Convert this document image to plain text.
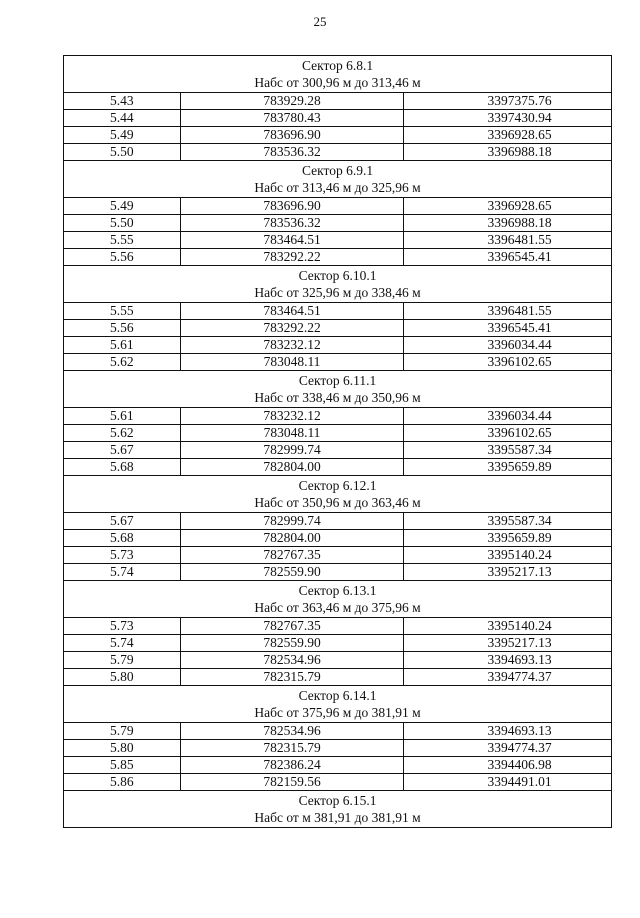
25
Сектор 6.8.1
Набс от 300,96 м до 313,46 м		

5.43	783929.28	3397375.76
5.44	783780.43	3397430.94
5.49	783696.90	3396928.65
5.50	783536.32	3396988.18

Сектор 6.9.1
Набс от 313,46 м до 325,96 м		

5.49	783696.90	3396928.65
5.50	783536.32	3396988.18
5.55	783464.51	3396481.55
5.56	783292.22	3396545.41

Сектор 6.10.1
Набс от 325,96 м до 338,46 м		

5.55	783464.51	3396481.55
5.56	783292.22	3396545.41
5.61	783232.12	3396034.44
5.62	783048.11	3396102.65

Сектор 6.11.1
Набс от 338,46 м до 350,96 м		

5.61	783232.12	3396034.44
5.62	783048.11	3396102.65
5.67	782999.74	3395587.34
5.68	782804.00	3395659.89

Сектор 6.12.1
Набс от 350,96 м до 363,46 м		

5.67	782999.74	3395587.34
5.68	782804.00	3395659.89
5.73	782767.35	3395140.24
5.74	782559.90	3395217.13

Сектор 6.13.1
Набс от 363,46 м до 375,96 м		

5.73	782767.35	3395140.24
5.74	782559.90	3395217.13
5.79	782534.96	3394693.13
5.80	782315.79	3394774.37

Сектор 6.14.1
Набс от 375,96 м до 381,91 м		

5.79	782534.96	3394693.13
5.80	782315.79	3394774.37
5.85	782386.24	3394406.98
5.86	782159.56	3394491.01

Сектор 6.15.1
Набс от м 381,91 до 381,91 м		
